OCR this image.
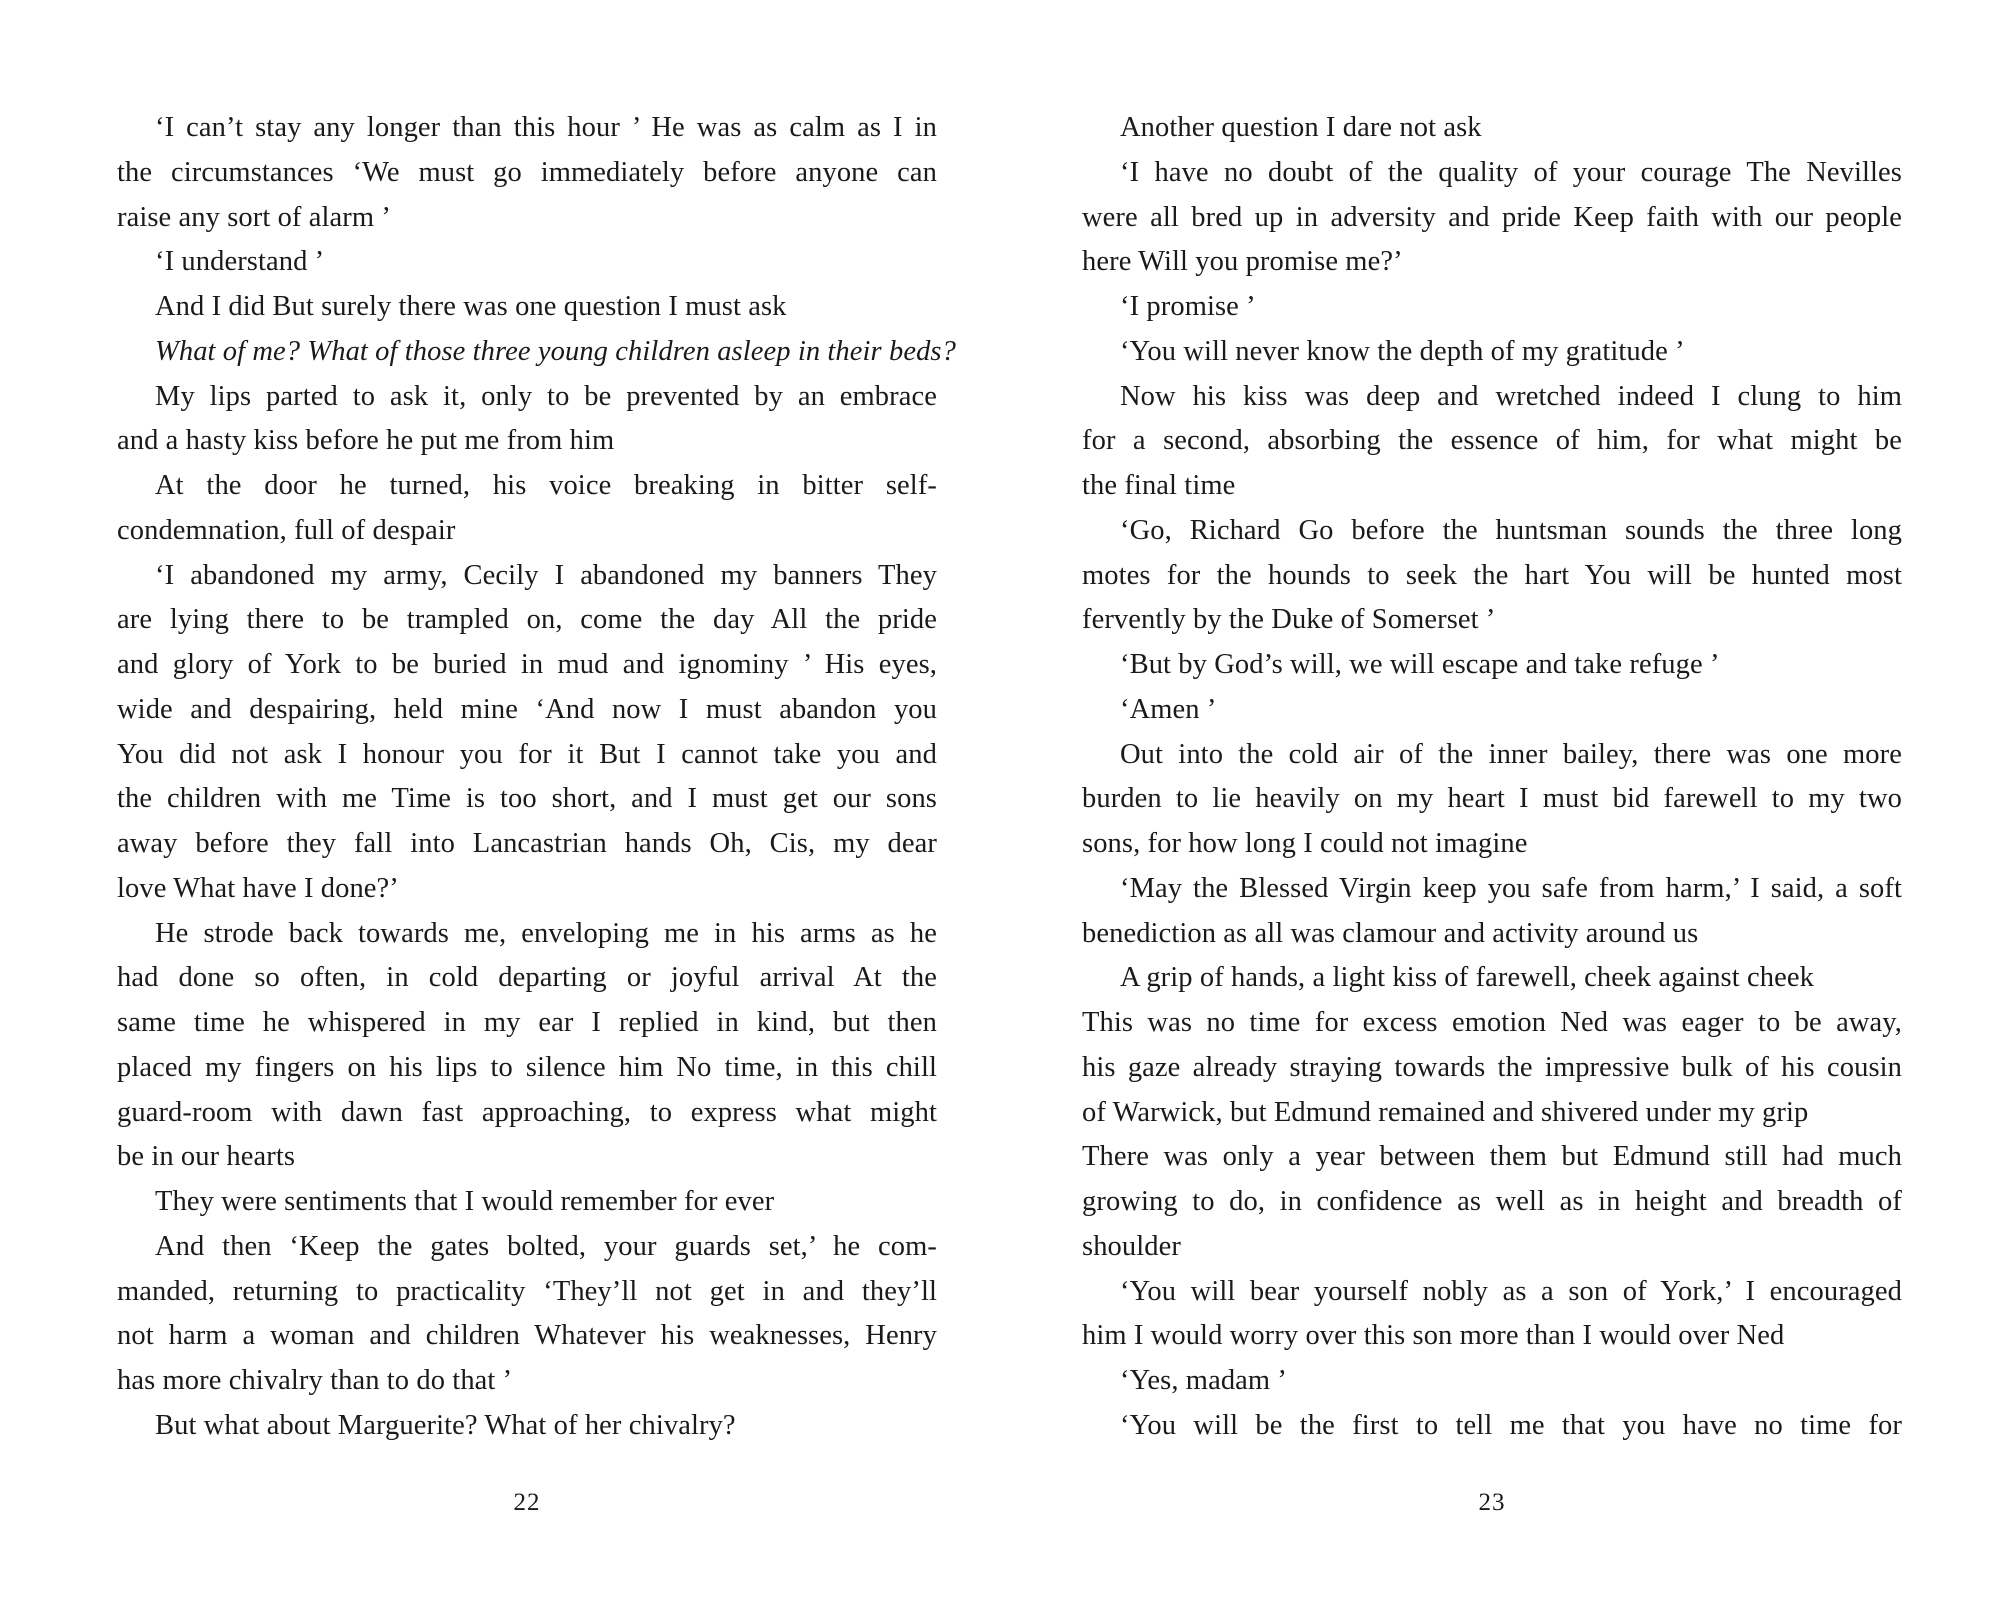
‘I can’t stay any longer than this hour ’ He was as calm as I in
the circumstances ‘We must go immediately before anyone can
raise any sort of alarm ’
‘I understand ’
And I did But surely there was one question I must ask
What of me? What of those three young children asleep in their beds?
My lips parted to ask it, only to be prevented by an embrace
and a hasty kiss before he put me from him
At the door he turned, his voice breaking in bitter self-
condemnation, full of despair
‘I abandoned my army, Cecily I abandoned my banners They
are lying there to be trampled on, come the day All the pride
and glory of York to be buried in mud and ignominy ’ His eyes,
wide and despairing, held mine ‘And now I must abandon you
You did not ask I honour you for it But I cannot take you and
the children with me Time is too short, and I must get our sons
away before they fall into Lancastrian hands Oh, Cis, my dear
love What have I done?’
He strode back towards me, enveloping me in his arms as he
had done so often, in cold departing or joyful arrival At the
same time he whispered in my ear I replied in kind, but then
placed my fingers on his lips to silence him No time, in this chill
guard-room with dawn fast approaching, to express what might
be in our hearts
They were sentiments that I would remember for ever
And then ‘Keep the gates bolted, your guards set,’ he com-
manded, returning to practicality ‘They’ll not get in and they’ll
not harm a woman and children Whatever his weaknesses, Henry
has more chivalry than to do that ’
But what about Marguerite? What of her chivalry?
22
Another question I dare not ask
‘I have no doubt of the quality of your courage The Nevilles
were all bred up in adversity and pride Keep faith with our people
here Will you promise me?’
‘I promise ’
‘You will never know the depth of my gratitude ’
Now his kiss was deep and wretched indeed I clung to him
for a second, absorbing the essence of him, for what might be
the final time
‘Go, Richard Go before the huntsman sounds the three long
motes for the hounds to seek the hart You will be hunted most
fervently by the Duke of Somerset ’
‘But by God’s will, we will escape and take refuge ’
‘Amen ’
Out into the cold air of the inner bailey, there was one more
burden to lie heavily on my heart I must bid farewell to my two
sons, for how long I could not imagine
‘May the Blessed Virgin keep you safe from harm,’ I said, a soft
benediction as all was clamour and activity around us
A grip of hands, a light kiss of farewell, cheek against cheek
This was no time for excess emotion Ned was eager to be away,
his gaze already straying towards the impressive bulk of his cousin
of Warwick, but Edmund remained and shivered under my grip
There was only a year between them but Edmund still had much
growing to do, in confidence as well as in height and breadth of
shoulder
‘You will bear yourself nobly as a son of York,’ I encouraged
him I would worry over this son more than I would over Ned
‘Yes, madam ’
‘You will be the first to tell me that you have no time for
23
